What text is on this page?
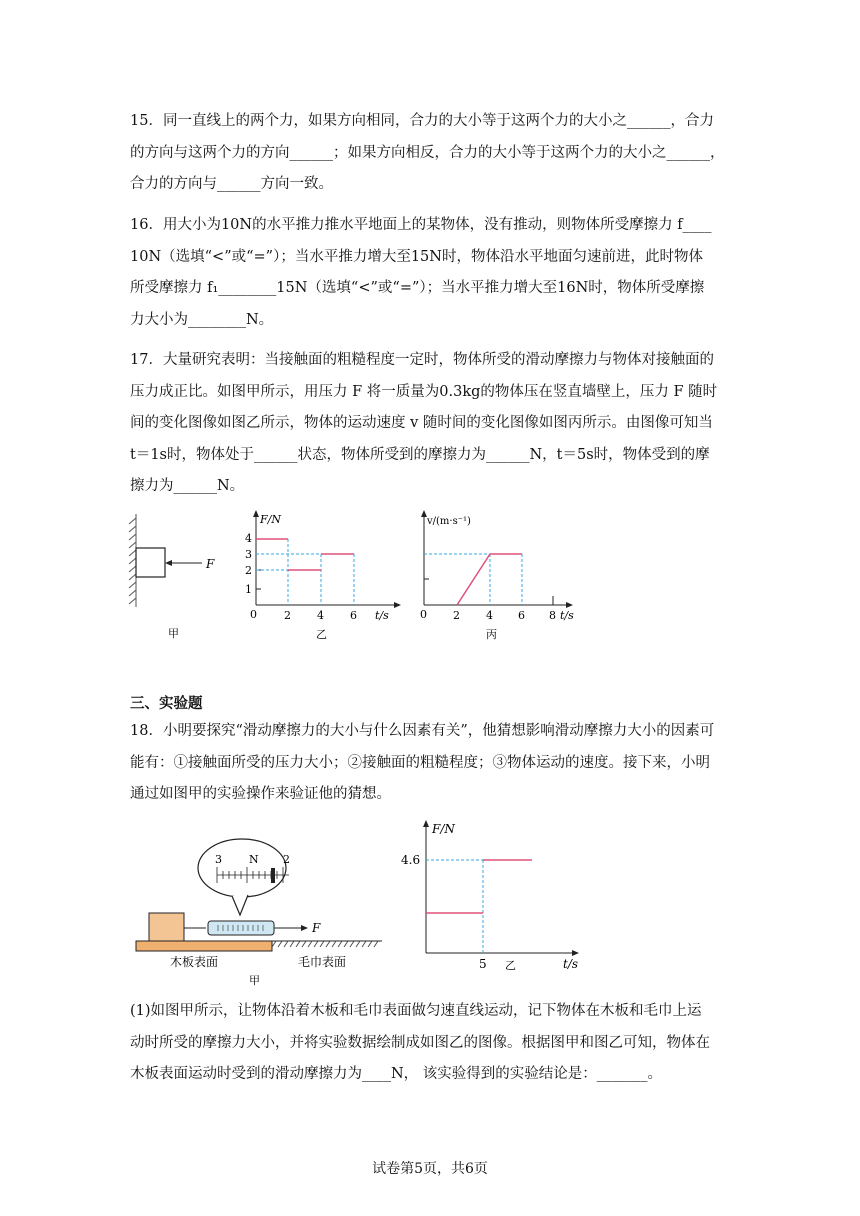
15．同一直线上的两个力，如果方向相同，合力的大小等于这两个力的大小之______，合力
的方向与这两个力的方向______；如果方向相反，合力的大小等于这两个力的大小之______，
合力的方向与______方向一致。
16．用大小为10N的水平推力推水平地面上的某物体，没有推动，则物体所受摩擦力 f____
10N（选填“<”或“=”）；当水平推力增大至15N时，物体沿水平地面匀速前进，此时物体
所受摩擦力 f₁________15N（选填“<”或“=”）；当水平推力增大至16N时，物体所受摩擦
力大小为________N。
17．大量研究表明：当接触面的粗糙程度一定时，物体所受的滑动摩擦力与物体对接触面的
压力成正比。如图甲所示，用压力 F 将一质量为0.3kg的物体压在竖直墙壁上，压力 F 随时
间的变化图像如图乙所示，物体的运动速度 v 随时间的变化图像如图丙所示。由图像可知当
t＝1s时，物体处于______状态，物体所受到的摩擦力为______N，t＝5s时，物体受到的摩
擦力为______N。
F
甲
F/N
t/s
0
1
2
3
4
2 4 6
乙
v/(m·s⁻¹)
t/s
0 2 4 6 8
丙
三、实验题
18．小明要探究“滑动摩擦力的大小与什么因素有关”，他猜想影响滑动摩擦力大小的因素可
能有：①接触面所受的压力大小；②接触面的粗糙程度；③物体运动的速度。接下来，小明
通过如图甲的实验操作来验证他的猜想。
3 N 2
F
木板表面	毛巾表面
甲
F/N
t/s
4.6
5 乙
(1)如图甲所示，让物体沿着木板和毛巾表面做匀速直线运动，记下物体在木板和毛巾上运
动时所受的摩擦力大小，并将实验数据绘制成如图乙的图像。根据图甲和图乙可知，物体在
木板表面运动时受到的滑动摩擦力为____N， 该实验得到的实验结论是：_______。
试卷第5页，共6页
